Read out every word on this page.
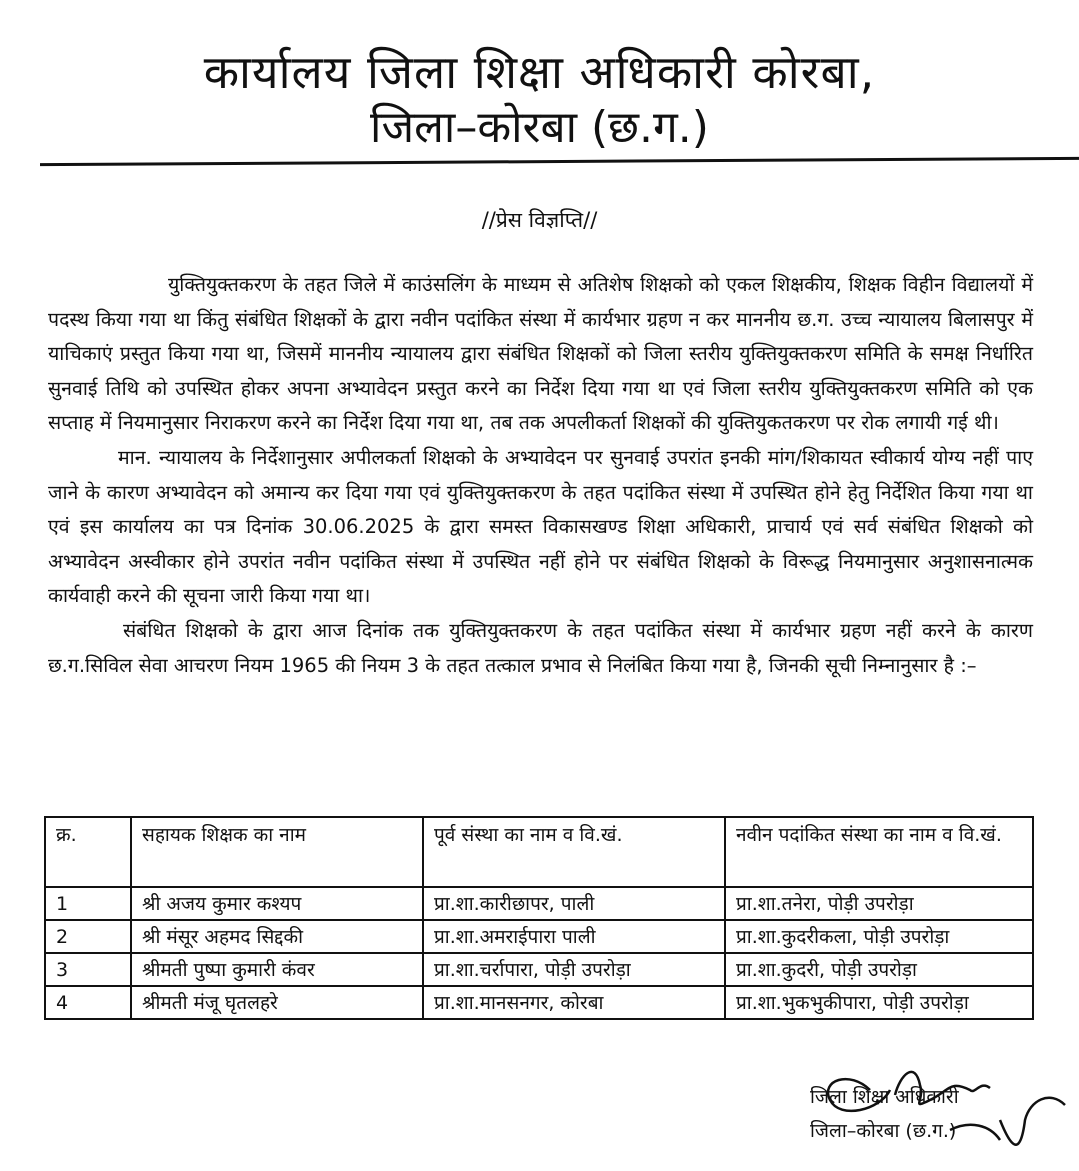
कार्यालय जिला शिक्षा अधिकारी कोरबा,
जिला–कोरबा (छ.ग.)
//प्रेस विज्ञप्ति//

युक्तियुक्तकरण के तहत जिले में काउंसलिंग के माध्यम से अतिशेष शिक्षको को एकल शिक्षकीय, शिक्षक विहीन विद्यालयों में पदस्थ किया गया था किंतु संबंधित शिक्षकों के द्वारा नवीन पदांकित संस्था में कार्यभार ग्रहण न कर माननीय छ.ग. उच्च न्यायालय बिलासपुर में याचिकाएं प्रस्तुत किया गया था, जिसमें माननीय न्यायालय द्वारा संबंधित शिक्षकों को जिला स्तरीय युक्तियुक्तकरण समिति के समक्ष निर्धारित सुनवाई तिथि को उपस्थित होकर अपना अभ्यावेदन प्रस्तुत करने का निर्देश दिया गया था एवं जिला स्तरीय युक्तियुक्तकरण समिति को एक सप्ताह में नियमानुसार निराकरण करने का निर्देश दिया गया था, तब तक अपलीकर्ता शिक्षकों की युक्तियुकतकरण पर रोक लगायी गई थी।

मान. न्यायालय के निर्देशानुसार अपीलकर्ता शिक्षको के अभ्यावेदन पर सुनवाई उपरांत इनकी मांग/शिकायत स्वीकार्य योग्य नहीं पाए जाने के कारण अभ्यावेदन को अमान्य कर दिया गया एवं युक्तियुक्तकरण के तहत पदांकित संस्था में उपस्थित होने हेतु निर्देशित किया गया था एवं इस कार्यालय का पत्र दिनांक 30.06.2025 के द्वारा समस्त विकासखण्ड शिक्षा अधिकारी, प्राचार्य एवं सर्व संबंधित शिक्षको को अभ्यावेदन अस्वीकार होने उपरांत नवीन पदांकित संस्था में उपस्थित नहीं होने पर संबंधित शिक्षको के विरूद्ध नियमानुसार अनुशासनात्मक कार्यवाही करने की सूचना जारी किया गया था।

संबंधित शिक्षको के द्वारा आज दिनांक तक युक्तियुक्तकरण के तहत पदांकित संस्था में कार्यभार ग्रहण नहीं करने के कारण छ.ग.सिविल सेवा आचरण नियम 1965 की नियम 3 के तहत तत्काल प्रभाव से निलंबित किया गया है, जिनकी सूची निम्नानुसार है :–

क्र.	सहायक शिक्षक का नाम	पूर्व संस्था का नाम व वि.खं.	नवीन पदांकित संस्था का नाम व वि.खं.
1	श्री अजय कुमार कश्यप	प्रा.शा.कारीछापर, पाली	प्रा.शा.तनेरा, पोड़ी उपरोड़ा
2	श्री मंसूर अहमद सिद्दकी	प्रा.शा.अमराईपारा पाली	प्रा.शा.कुदरीकला, पोड़ी उपरोड़ा
3	श्रीमती पुष्पा कुमारी कंवर	प्रा.शा.चर्रापारा, पोड़ी उपरोड़ा	प्रा.शा.कुदरी, पोड़ी उपरोड़ा
4	श्रीमती मंजू घृतलहरे	प्रा.शा.मानसनगर, कोरबा	प्रा.शा.भुकभुकीपारा, पोड़ी उपरोड़ा
जिला शिक्षा अधिकारी
जिला–कोरबा (छ.ग.)
